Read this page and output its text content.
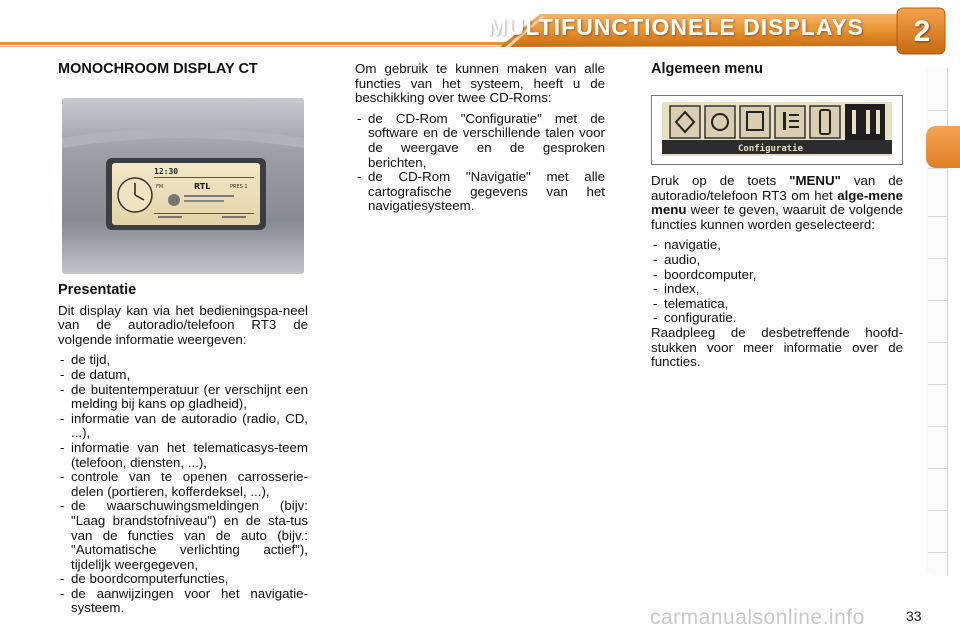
MULTIFUNCTIONELE DISPLAYS	2
MONOCHROOM DISPLAY CT
12:30
FM	RTL	PRES 1
Presentatie

Dit display kan via het bedieningspa-neel van de autoradio/telefoon RT3 de volgende informatie weergeven:

- de tijd,
- de datum,
- de buitentemperatuur (er verschijnt een melding bij kans op gladheid),
- informatie van de autoradio (radio, CD, ...),
- informatie van het telematicasys-teem (telefoon, diensten, ...),
- controle van te openen carrosserie-delen (portieren, kofferdeksel, ...),
- de waarschuwingsmeldingen (bijv: "Laag brandstofniveau") en de sta-tus van de functies van de auto (bijv.: "Automatische verlichting actief"), tijdelijk weergegeven,
- de boordcomputerfuncties,
- de aanwijzingen voor het navigatie-systeem.

Om gebruik te kunnen maken van alle functies van het systeem, heeft u de beschikking over twee CD-Roms:

- de CD-Rom "Configuratie" met de software en de verschillende talen voor de weergave en de gesproken berichten,
- de CD-Rom "Navigatie" met alle cartografische gegevens van het navigatiesysteem.
Algemeen menu
Configuratie

Druk op de toets "MENU" van de autoradio/telefoon RT3 om het alge-mene menu weer te geven, waaruit de volgende functies kunnen worden geselecteerd:

- navigatie,
- audio,
- boordcomputer,
- index,
- telematica,
- configuratie.

Raadpleeg de desbetreffende hoofd-stukken voor meer informatie over de functies.

carmanualsonline.info	33
